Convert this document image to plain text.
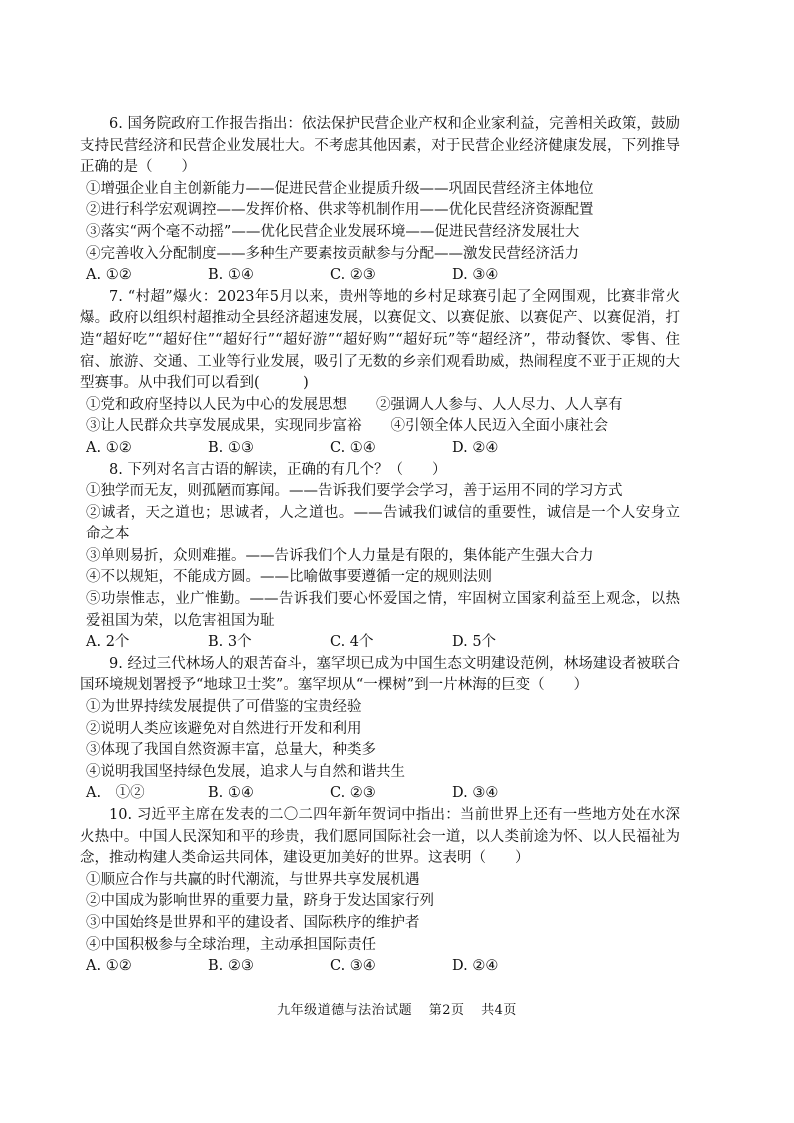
6. 国务院政府工作报告指出：依法保护民营企业产权和企业家利益，完善相关政策，鼓励支持民营经济和民营企业发展壮大。不考虑其他因素，对于民营企业经济健康发展，下列推导正确的是（　　）

①增强企业自主创新能力——促进民营企业提质升级——巩固民营经济主体地位

②进行科学宏观调控——发挥价格、供求等机制作用——优化民营经济资源配置

③落实“两个毫不动摇”——优化民营企业发展环境——促进民营经济发展壮大

④完善收入分配制度——多种生产要素按贡献参与分配——激发民营经济活力

A. ①②	B. ①④	C. ②③	D. ③④

7. “村超”爆火：2023年5月以来，贵州等地的乡村足球赛引起了全网围观，比赛非常火爆。政府以组织村超推动全县经济超速发展，以赛促文、以赛促旅、以赛促产、以赛促消，打造“超好吃”“超好住”“超好行”“超好游”“超好购”“超好玩”等“超经济”，带动餐饮、零售、住宿、旅游、交通、工业等行业发展，吸引了无数的乡亲们观看助威，热闹程度不亚于正规的大型赛事。从中我们可以看到(　　　)

①党和政府坚持以人民为中心的发展思想　　②强调人人参与、人人尽力、人人享有

③让人民群众共享发展成果，实现同步富裕　　④引领全体人民迈入全面小康社会

A. ①②	B. ①③	C. ①④	D. ②④

8. 下列对名言古语的解读，正确的有几个？（　　）

①独学而无友，则孤陋而寡闻。——告诉我们要学会学习，善于运用不同的学习方式

②诚者，天之道也；思诚者，人之道也。——告诫我们诚信的重要性，诚信是一个人安身立命之本

③单则易折，众则难摧。——告诉我们个人力量是有限的，集体能产生强大合力

④不以规矩，不能成方圆。——比喻做事要遵循一定的规则法则

⑤功崇惟志，业广惟勤。——告诉我们要心怀爱国之情，牢固树立国家利益至上观念，以热爱祖国为荣，以危害祖国为耻

A. 2个	B. 3个	C. 4个	D. 5个

9. 经过三代林场人的艰苦奋斗，塞罕坝已成为中国生态文明建设范例，林场建设者被联合国环境规划署授予“地球卫士奖”。塞罕坝从“一棵树”到一片林海的巨变（　　）

①为世界持续发展提供了可借鉴的宝贵经验

②说明人类应该避免对自然进行开发和利用

③体现了我国自然资源丰富，总量大，种类多

④说明我国坚持绿色发展，追求人与自然和谐共生

A.　①②	B. ①④	C. ②③	D. ③④

10. 习近平主席在发表的二〇二四年新年贺词中指出：当前世界上还有一些地方处在水深火热中。中国人民深知和平的珍贵，我们愿同国际社会一道，以人类前途为怀、以人民福祉为念，推动构建人类命运共同体，建设更加美好的世界。这表明（　　）

①顺应合作与共赢的时代潮流，与世界共享发展机遇

②中国成为影响世界的重要力量，跻身于发达国家行列

③中国始终是世界和平的建设者、国际秩序的维护者

④中国积极参与全球治理，主动承担国际责任

A. ①②	B. ②③	C. ③④	D. ②④
九年级道德与法治试题 第2页 共4页
